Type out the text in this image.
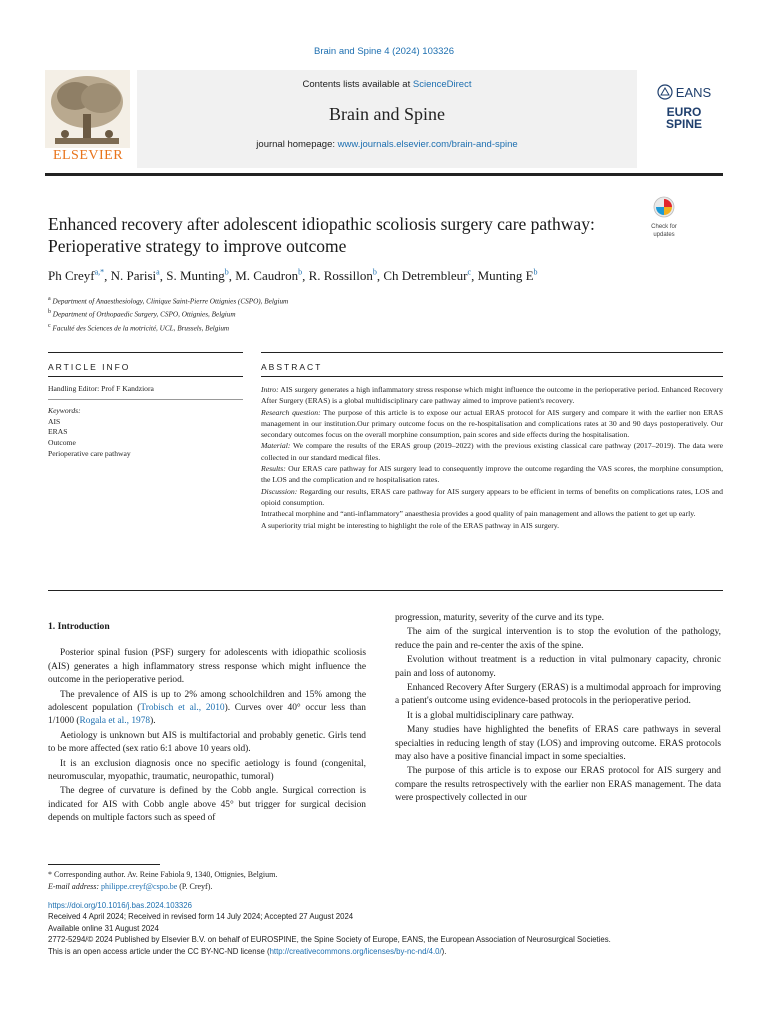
Brain and Spine 4 (2024) 103326
ELSEVIER
Contents lists available at ScienceDirect
Brain and Spine
journal homepage: www.journals.elsevier.com/brain-and-spine
EANS
EURO
SPINE
Check for
updates
Enhanced recovery after adolescent idiopathic scoliosis surgery care pathway: Perioperative strategy to improve outcome
Ph Creyf$^{a,*}$, N. Parisi$^a$, S. Munting$^b$, M. Caudron$^b$, R. Rossillon$^b$, Ch Detrembleur$^c$, Munting $E^b$
$^a$ Department of Anaesthesiology, Clinique Saint-Pierre Ottignies (CSPO), Belgium
$^b$ Department of Orthopaedic Surgery, CSPO, Ottignies, Belgium
$^c$ Faculté des Sciences de la motricité, UCL, Brussels, Belgium
ARTICLE INFO	ABSTRACT
Handling Editor: Prof F Kandziora
Keywords:
AIS
ERAS
Outcome
Perioperative care pathway
Intro: AIS surgery generates a high inflammatory stress response which might influence the outcome in the perioperative period. Enhanced Recovery After Surgery (ERAS) is a global multidisciplinary care pathway aimed to improve patient's recovery.
Research question: The purpose of this article is to expose our actual ERAS protocol for AIS surgery and compare it with the earlier non ERAS management in our institution.Our primary outcome focus on the re-hospitalisation and complications rates at 30 and 90 days postoperatively. Our secondary outcomes focus on the overall morphine consumption, pain scores and side effects during the hospitalisation.
Material: We compare the results of the ERAS group (2019–2022) with the previous existing classical care pathway (2017–2019). The data were collected in our standard medical files.
Results: Our ERAS care pathway for AIS surgery lead to consequently improve the outcome regarding the VAS scores, the morphine consumption, the LOS and the complication and re hospitalisation rates.
Discussion: Regarding our results, ERAS care pathway for AIS surgery appears to be efficient in terms of benefits on complications rates, LOS and opioid consumption.
Intrathecal morphine and “anti-inflammatory” anaesthesia provides a good quality of pain management and allows the patient to get up early.
A superiority trial might be interesting to highlight the role of the ERAS pathway in AIS surgery.
1. Introduction

Posterior spinal fusion (PSF) surgery for adolescents with idiopathic scoliosis (AIS) generates a high inflammatory stress response which might influence the outcome in the perioperative period.

The prevalence of AIS is up to 2% among schoolchildren and 15% among the adolescent population (Trobisch et al., 2010). Curves over 40° occur less than 1/1000 (Rogala et al., 1978).

Aetiology is unknown but AIS is multifactorial and probably genetic. Girls tend to be more affected (sex ratio 6:1 above 10 years old).

It is an exclusion diagnosis once no specific aetiology is found (congenital, neuromuscular, myopathic, traumatic, neuropathic, tumoral)

The degree of curvature is defined by the Cobb angle. Surgical correction is indicated for AIS with Cobb angle above 45° but trigger for surgical decision depends on multiple factors such as speed of

progression, maturity, severity of the curve and its type.

The aim of the surgical intervention is to stop the evolution of the pathology, reduce the pain and re-center the axis of the spine.

Evolution without treatment is a reduction in vital pulmonary capacity, chronic pain and loss of autonomy.

Enhanced Recovery After Surgery (ERAS) is a multimodal approach for improving a patient's outcome using evidence-based protocols in the perioperative period.

It is a global multidisciplinary care pathway.

Many studies have highlighted the benefits of ERAS care pathways in several specialties in reducing length of stay (LOS) and improving outcome. ERAS protocols may also have a positive financial impact in some specialties.

The purpose of this article is to expose our ERAS protocol for AIS surgery and compare the results retrospectively with the earlier non ERAS management. The data were prospectively collected in our

* Corresponding author. Av. Reine Fabiola 9, 1340, Ottignies, Belgium.
E-mail address: philippe.creyf@cspo.be (P. Creyf).
https://doi.org/10.1016/j.bas.2024.103326
Received 4 April 2024; Received in revised form 14 July 2024; Accepted 27 August 2024
Available online 31 August 2024
2772-5294/© 2024 Published by Elsevier B.V. on behalf of EUROSPINE, the Spine Society of Europe, EANS, the European Association of Neurosurgical Societies.
This is an open access article under the CC BY-NC-ND license (http://creativecommons.org/licenses/by-nc-nd/4.0/).
